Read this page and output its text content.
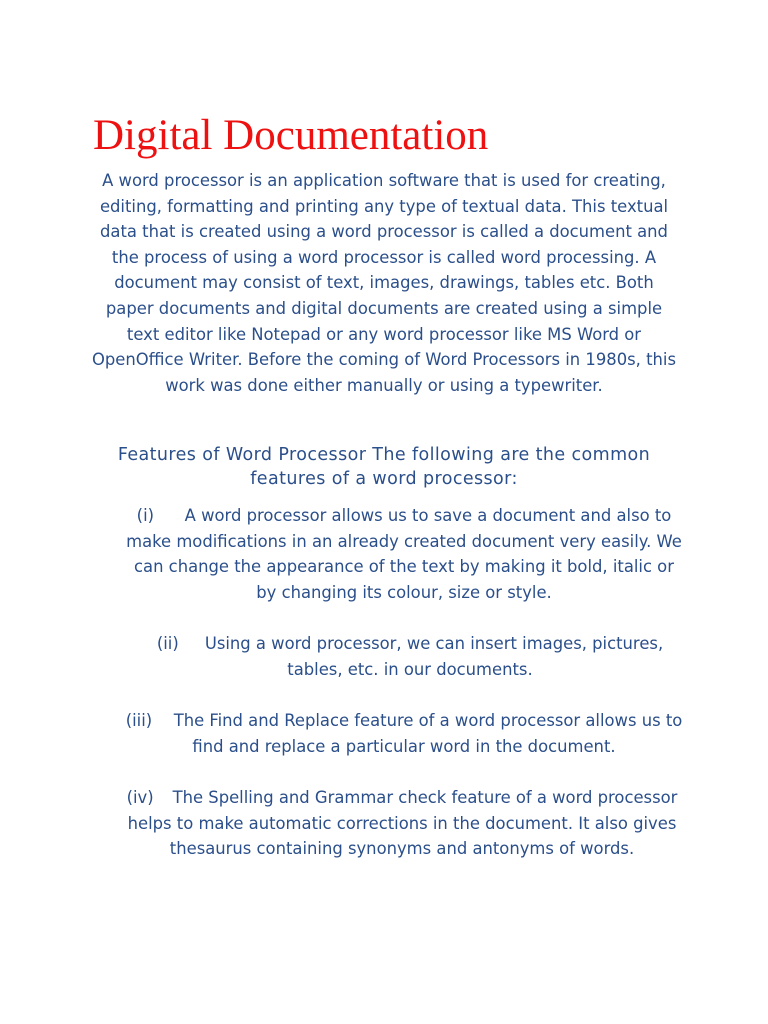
Digital Documentation

A word processor is an application software that is used for creating, editing, formatting and printing any type of textual data. This textual data that is created using a word processor is called a document and the process of using a word processor is called word processing. A document may consist of text, images, drawings, tables etc. Both paper documents and digital documents are created using a simple text editor like Notepad or any word processor like MS Word or OpenOffice Writer. Before the coming of Word Processors in 1980s, this work was done either manually or using a typewriter.

Features of Word Processor The following are the common features of a word processor:
(i) A word processor allows us to save a document and also to make modifications in an already created document very easily. We can change the appearance of the text by making it bold, italic or by changing its colour, size or style.
(ii) Using a word processor, we can insert images, pictures, tables, etc. in our documents.
(iii) The Find and Replace feature of a word processor allows us to find and replace a particular word in the document.
(iv) The Spelling and Grammar check feature of a word processor helps to make automatic corrections in the document. It also gives thesaurus containing synonyms and antonyms of words.
